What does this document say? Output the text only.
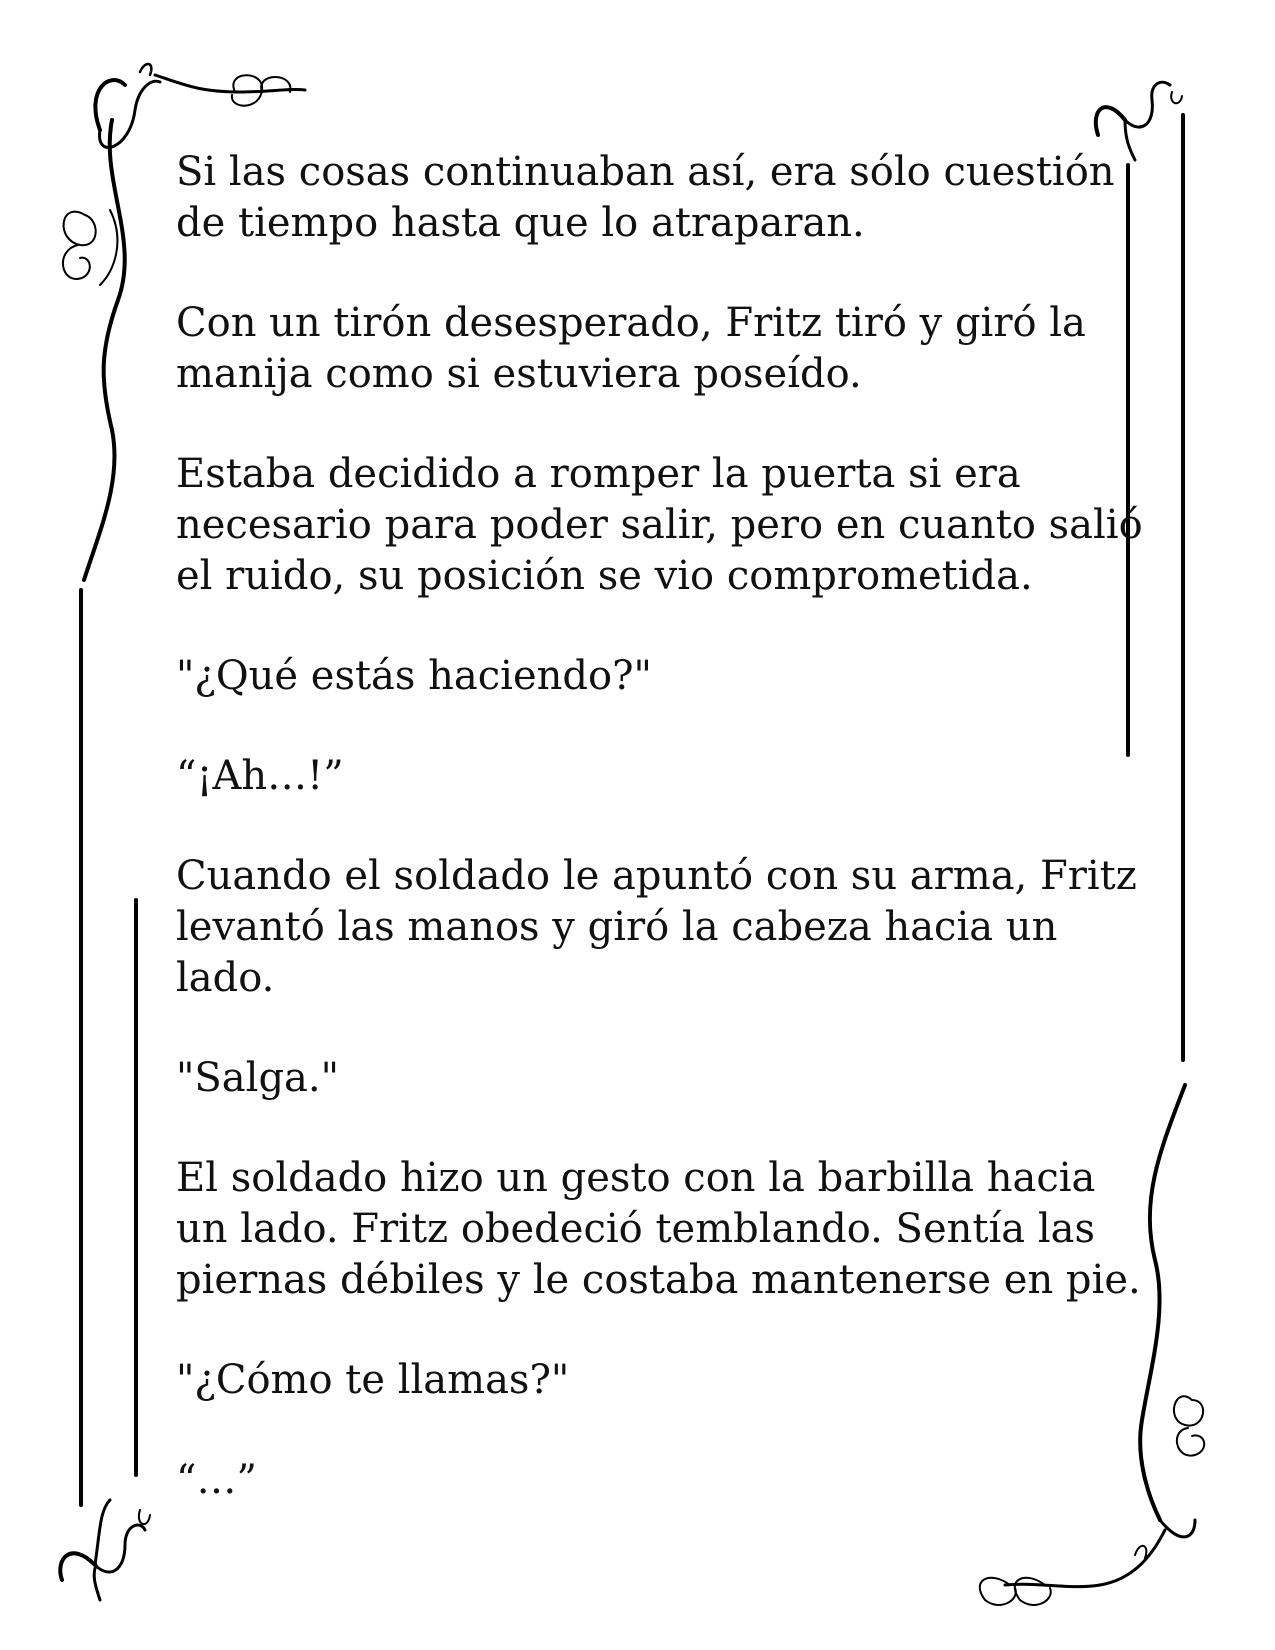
Si las cosas continuaban así, era sólo cuestión
de tiempo hasta que lo atraparan.

Con un tirón desesperado, Fritz tiró y giró la
manija como si estuviera poseído.

Estaba decidido a romper la puerta si era
necesario para poder salir, pero en cuanto salió
el ruido, su posición se vio comprometida.

"¿Qué estás haciendo?"

“¡Ah…!”

Cuando el soldado le apuntó con su arma, Fritz
levantó las manos y giró la cabeza hacia un
lado.

"Salga."

El soldado hizo un gesto con la barbilla hacia
un lado. Fritz obedeció temblando. Sentía las
piernas débiles y le costaba mantenerse en pie.

"¿Cómo te llamas?"

“…”
